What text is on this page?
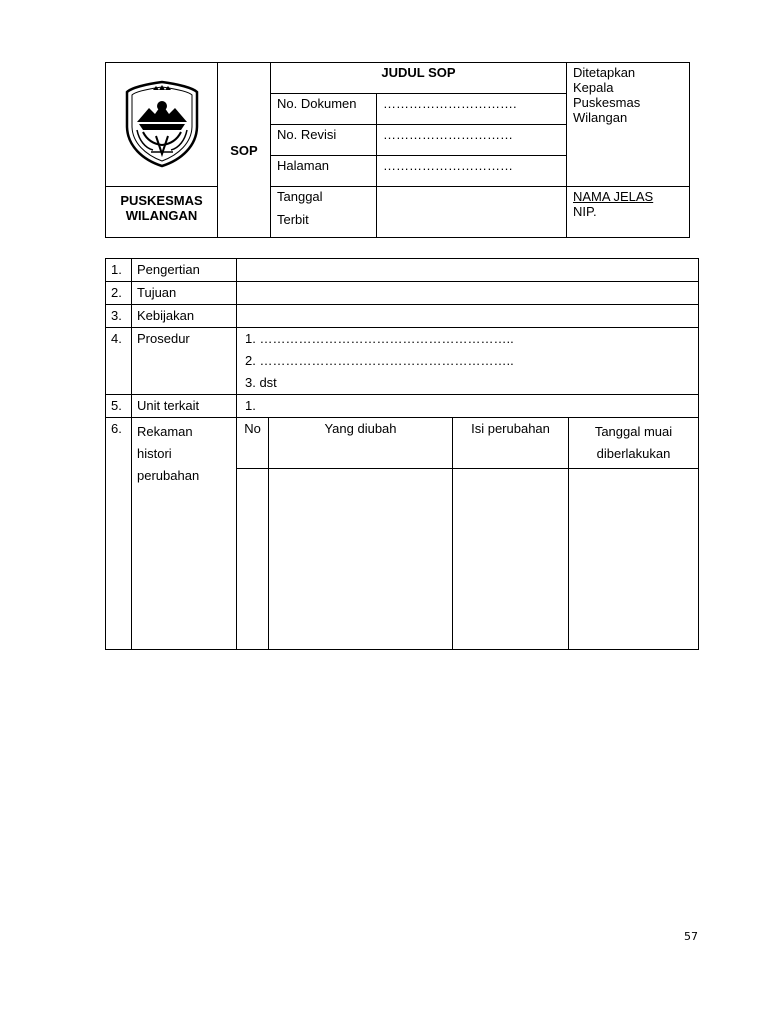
	SOP	JUDUL SOP		Ditetapkan
Kepala
Puskesmas
Wilangan

		No. Dokumen	………………………….	
		No. Revisi	…………………………	
		Halaman	…………………………	

PUSKESMAS
WILANGAN		Tanggal
Terbit		NAMA JELAS
NIP.
1.	Pengertian				
2.	Tujuan				
3.	Kebijakan				
4.	Prosedur	1. …………………………………………………..
2. …………………………………………………..
3. dst			

5.	Unit terkait	1.			
6.	Rekaman
histori
perubahan	No	Yang diubah	Isi perubahan	Tanggal muai
diberlakukan

57
